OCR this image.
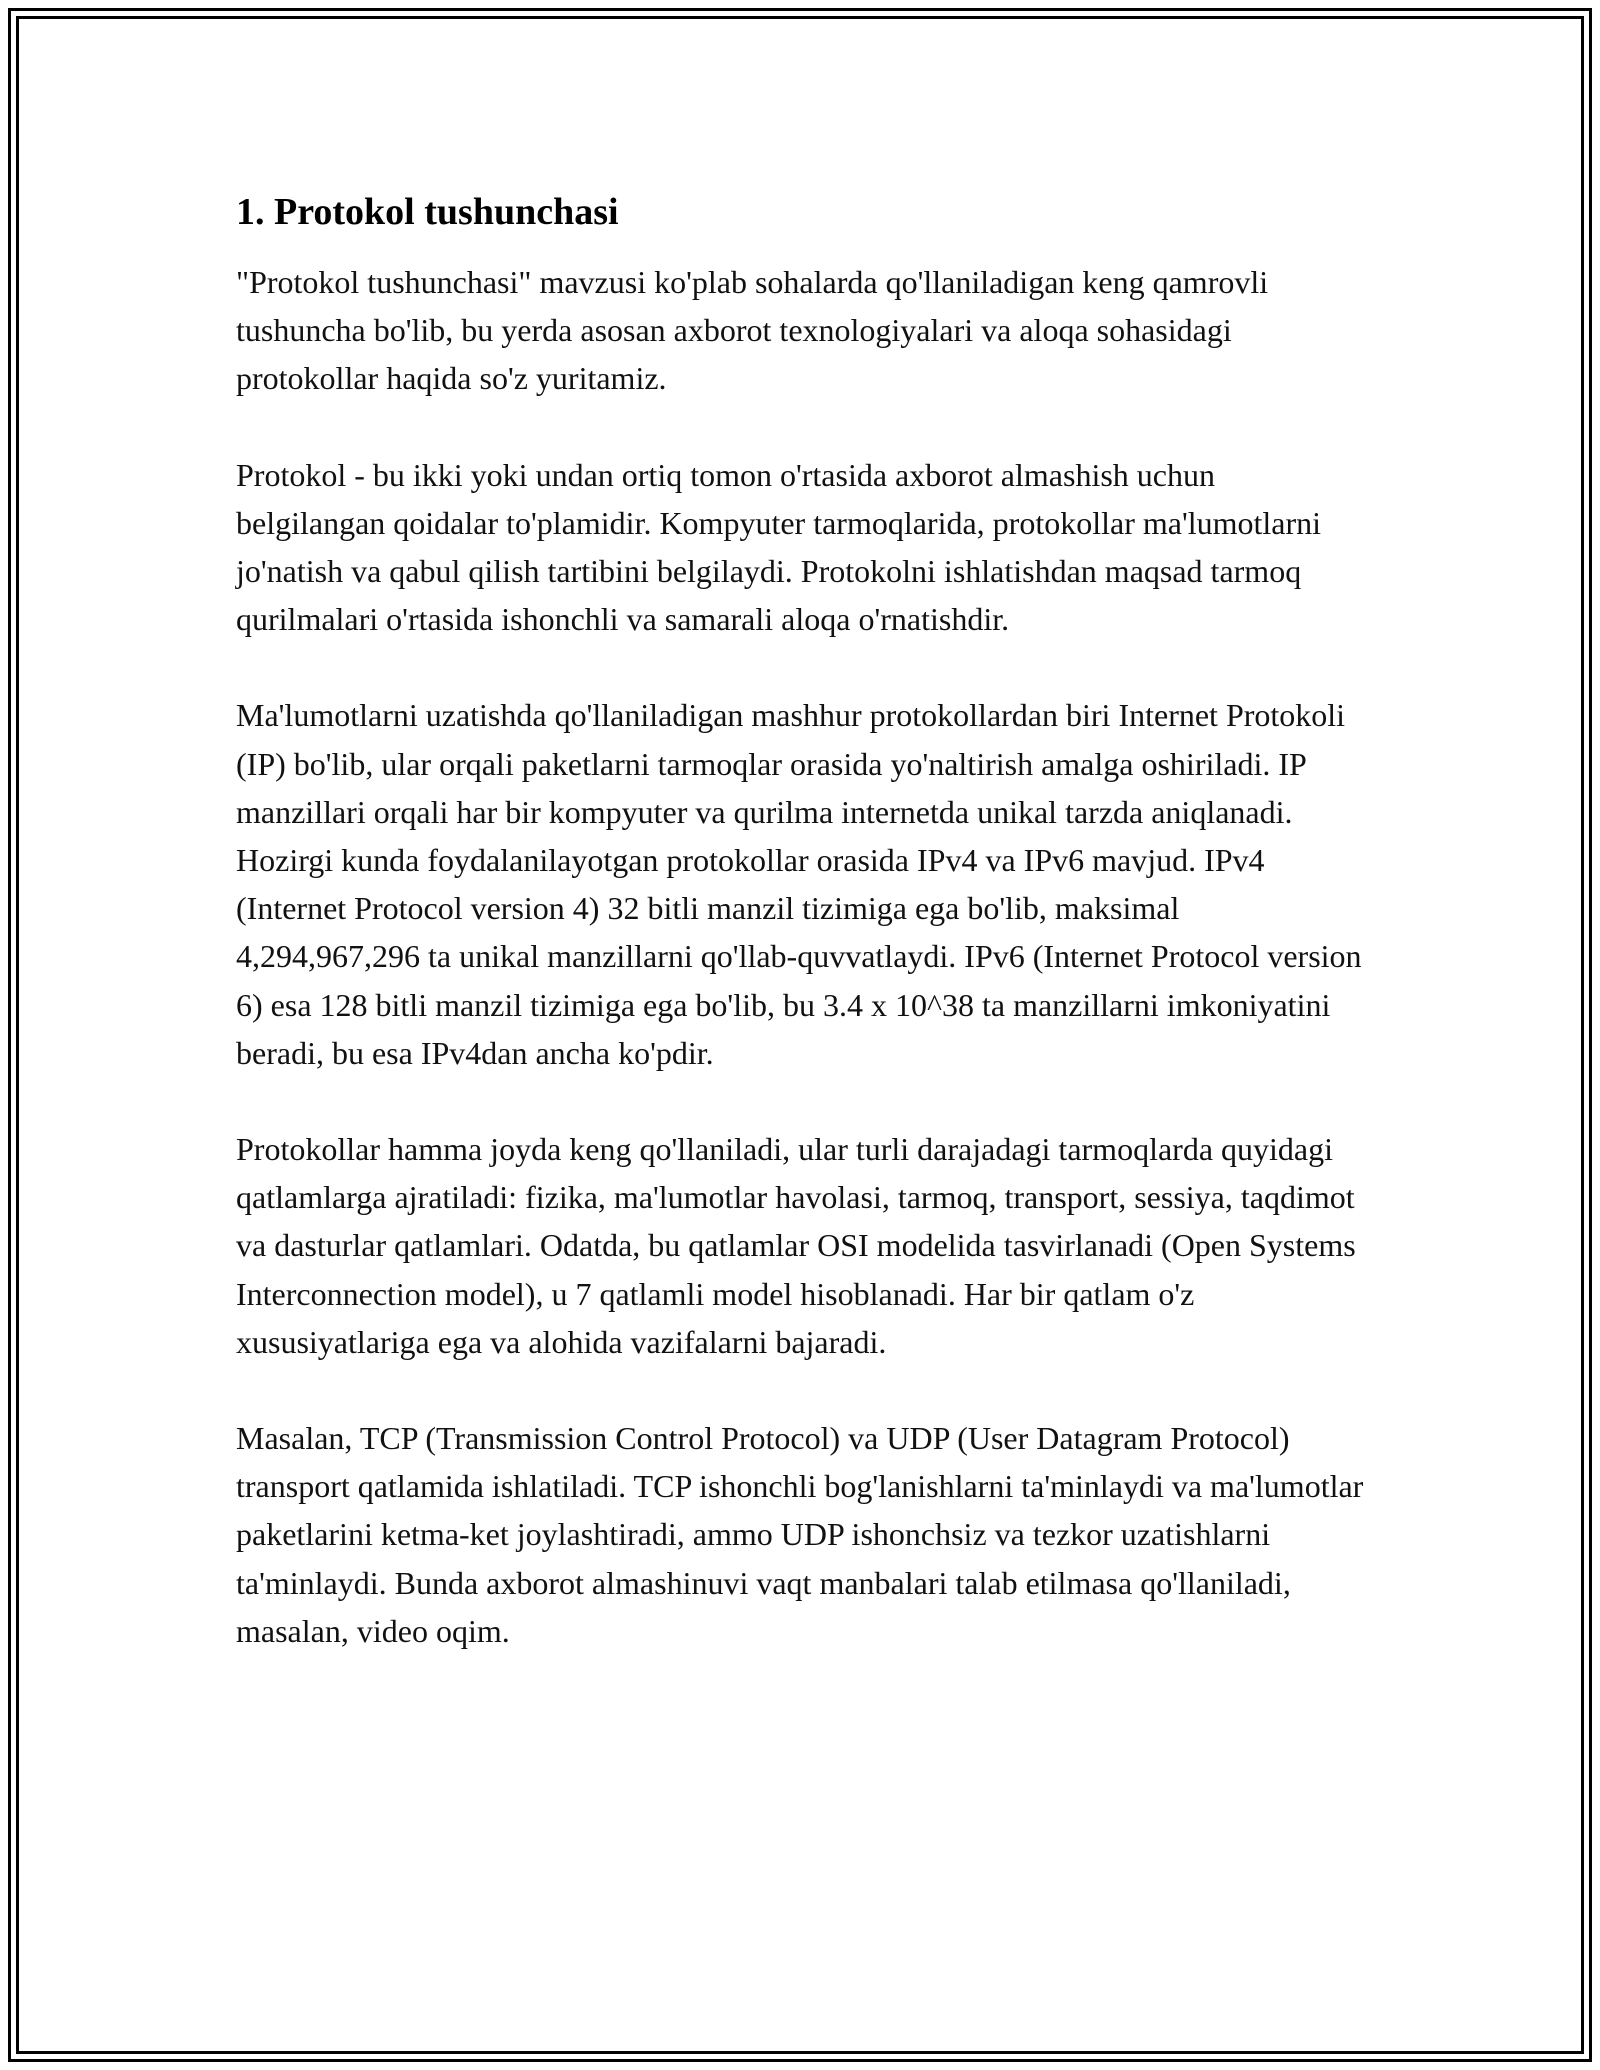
1. Protokol tushunchasi

"Protokol tushunchasi" mavzusi ko'plab sohalarda qo'llaniladigan keng qamrovli tushuncha bo'lib, bu yerda asosan axborot texnologiyalari va aloqa sohasidagi protokollar haqida so'z yuritamiz.

Protokol - bu ikki yoki undan ortiq tomon o'rtasida axborot almashish uchun belgilangan qoidalar to'plamidir. Kompyuter tarmoqlarida, protokollar ma'lumotlarni jo'natish va qabul qilish tartibini belgilaydi. Protokolni ishlatishdan maqsad tarmoq qurilmalari o'rtasida ishonchli va samarali aloqa o'rnatishdir.

Ma'lumotlarni uzatishda qo'llaniladigan mashhur protokollardan biri Internet Protokoli (IP) bo'lib, ular orqali paketlarni tarmoqlar orasida yo'naltirish amalga oshiriladi. IP manzillari orqali har bir kompyuter va qurilma internetda unikal tarzda aniqlanadi. Hozirgi kunda foydalanilayotgan protokollar orasida IPv4 va IPv6 mavjud. IPv4 (Internet Protocol version 4) 32 bitli manzil tizimiga ega bo'lib, maksimal 4,294,967,296 ta unikal manzillarni qo'llab-quvvatlaydi. IPv6 (Internet Protocol version 6) esa 128 bitli manzil tizimiga ega bo'lib, bu 3.4 x 10^38 ta manzillarni imkoniyatini beradi, bu esa IPv4dan ancha ko'pdir.

Protokollar hamma joyda keng qo'llaniladi, ular turli darajadagi tarmoqlarda quyidagi qatlamlarga ajratiladi: fizika, ma'lumotlar havolasi, tarmoq, transport, sessiya, taqdimot va dasturlar qatlamlari. Odatda, bu qatlamlar OSI modelida tasvirlanadi (Open Systems Interconnection model), u 7 qatlamli model hisoblanadi. Har bir qatlam o'z xususiyatlariga ega va alohida vazifalarni bajaradi.

Masalan, TCP (Transmission Control Protocol) va UDP (User Datagram Protocol) transport qatlamida ishlatiladi. TCP ishonchli bog'lanishlarni ta'minlaydi va ma'lumotlar paketlarini ketma-ket joylashtiradi, ammo UDP ishonchsiz va tezkor uzatishlarni ta'minlaydi. Bunda axborot almashinuvi vaqt manbalari talab etilmasa qo'llaniladi, masalan, video oqim.
